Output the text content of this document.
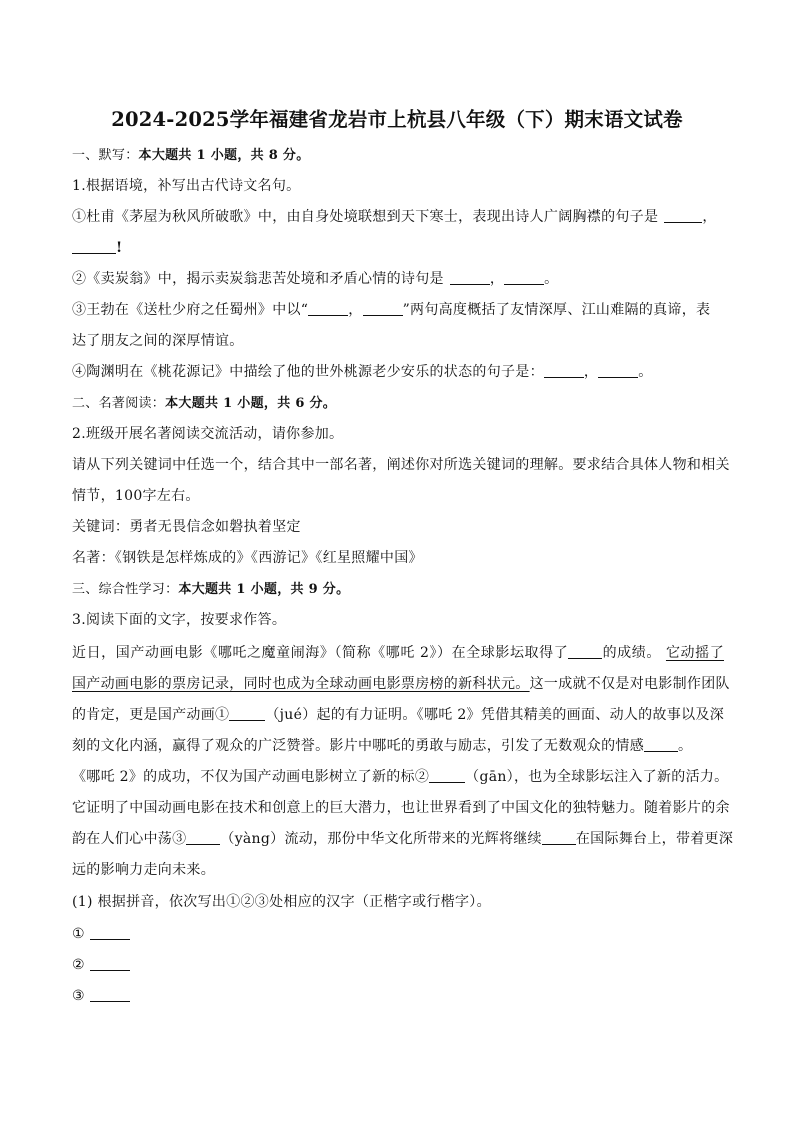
2024-2025学年福建省龙岩市上杭县八年级（下）期末语文试卷
一、默写：本大题共 1 小题，共 8 分。
1.根据语境，补写出古代诗文名句。
①杜甫《茅屋为秋风所破歌》中，由自身处境联想到天下寒士，表现出诗人广阔胸襟的句子是	，
!
②《卖炭翁》中，揭示卖炭翁悲苦处境和矛盾心情的诗句是	，	。
③王勃在《送杜少府之任蜀州》中以“	，	”两句高度概括了友情深厚、江山难隔的真谛，表
达了朋友之间的深厚情谊。
④陶渊明在《桃花源记》中描绘了他的世外桃源老少安乐的状态的句子是：	，	。
二、名著阅读：本大题共 1 小题，共 6 分。
2.班级开展名著阅读交流活动，请你参加。
请从下列关键词中任选一个，结合其中一部名著，阐述你对所选关键词的理解。要求结合具体人物和相关
情节，100字左右。
关键词：勇者无畏信念如磐执着坚定
名著：《钢铁是怎样炼成的》《西游记》《红星照耀中国》
三、综合性学习：本大题共 1 小题，共 9 分。
3.阅读下面的文字，按要求作答。
近日，国产动画电影《哪吒之魔童闹海》（简称《哪吒 2》）在全球影坛取得了 的成绩。 它动摇了
国产动画电影的票房记录，同时也成为全球动画电影票房榜的新科状元。这一成就不仅是对电影制作团队
的肯定，更是国产动画①	（jué）起的有力证明。《哪吒 2》凭借其精美的画面、动人的故事以及深
刻的文化内涵，赢得了观众的广泛赞誉。影片中哪吒的勇敢与励志，引发了无数观众的情感 。
《哪吒 2》的成功，不仅为国产动画电影树立了新的标②	（gān），也为全球影坛注入了新的活力。
它证明了中国动画电影在技术和创意上的巨大潜力，也让世界看到了中国文化的独特魅力。随着影片的余
韵在人们心中荡③ （yàng）流动，那份中华文化所带来的光辉将继续 在国际舞台上，带着更深
远的影响力走向未来。
(1) 根据拼音，依次写出①②③处相应的汉字（正楷字或行楷字）。
①
②
③
